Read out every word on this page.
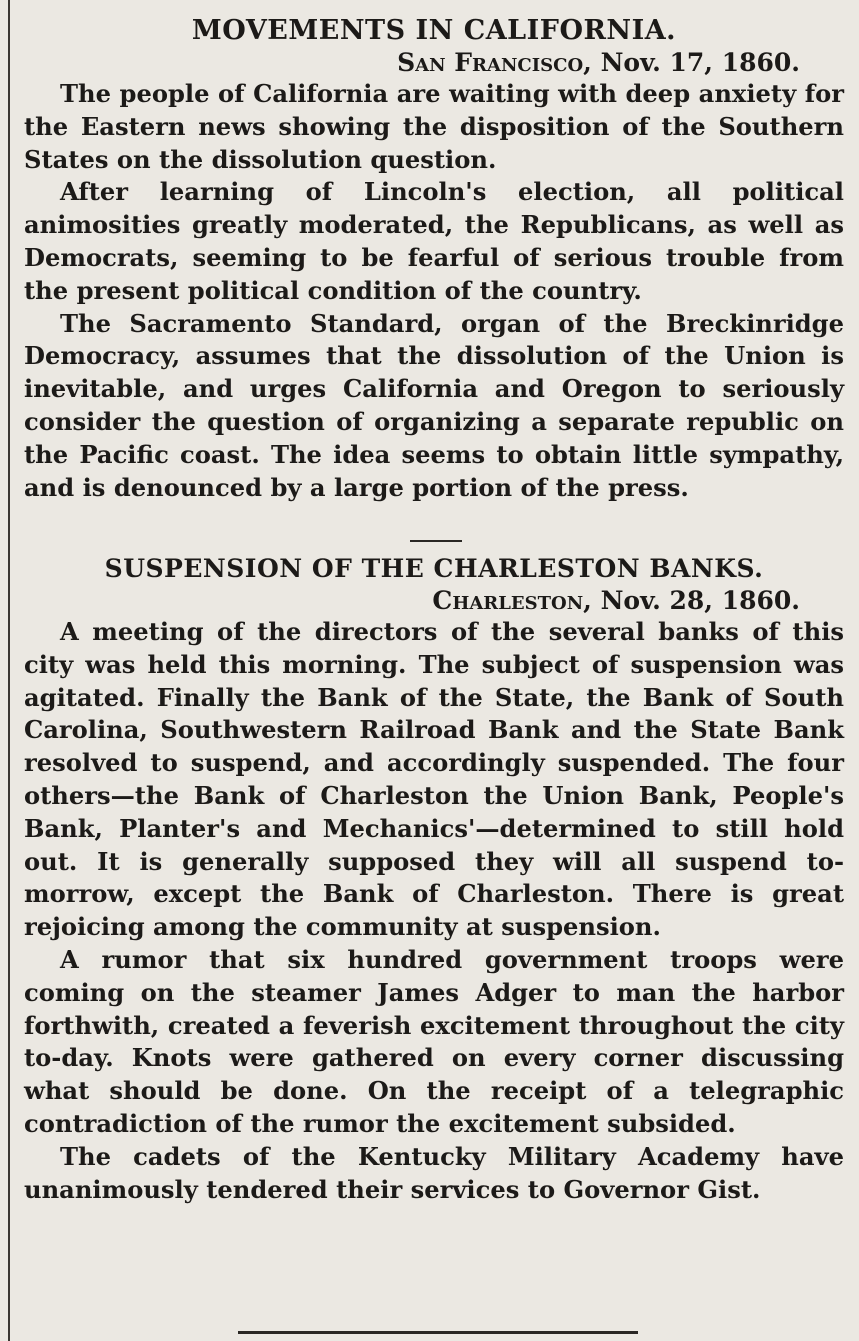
MOVEMENTS IN CALIFORNIA.

San Francisco, Nov. 17, 1860.

The people of California are waiting with deep anxiety for the Eastern news showing the disposition of the Southern States on the dissolution question.

After learning of Lincoln's election, all political animosities greatly moderated, the Republicans, as well as Democrats, seeming to be fearful of serious trouble from the present political condition of the country.

The Sacramento Standard, organ of the Breckinridge Democracy, assumes that the dissolution of the Union is inevitable, and urges California and Oregon to seriously consider the question of organizing a separate republic on the Pacific coast. The idea seems to obtain little sympathy, and is denounced by a large portion of the press.

SUSPENSION OF THE CHARLESTON BANKS.

Charleston, Nov. 28, 1860.

A meeting of the directors of the several banks of this city was held this morning. The subject of suspension was agitated. Finally the Bank of the State, the Bank of South Carolina, Southwestern Railroad Bank and the State Bank resolved to suspend, and accordingly suspended. The four others—the Bank of Charleston the Union Bank, People's Bank, Planter's and Mechanics'—determined to still hold out. It is generally supposed they will all suspend to-morrow, except the Bank of Charleston. There is great rejoicing among the community at suspension.

A rumor that six hundred government troops were coming on the steamer James Adger to man the harbor forthwith, created a feverish excitement throughout the city to-day. Knots were gathered on every corner discussing what should be done. On the receipt of a telegraphic contradiction of the rumor the excitement subsided.

The cadets of the Kentucky Military Academy have unanimously tendered their services to Governor Gist.
